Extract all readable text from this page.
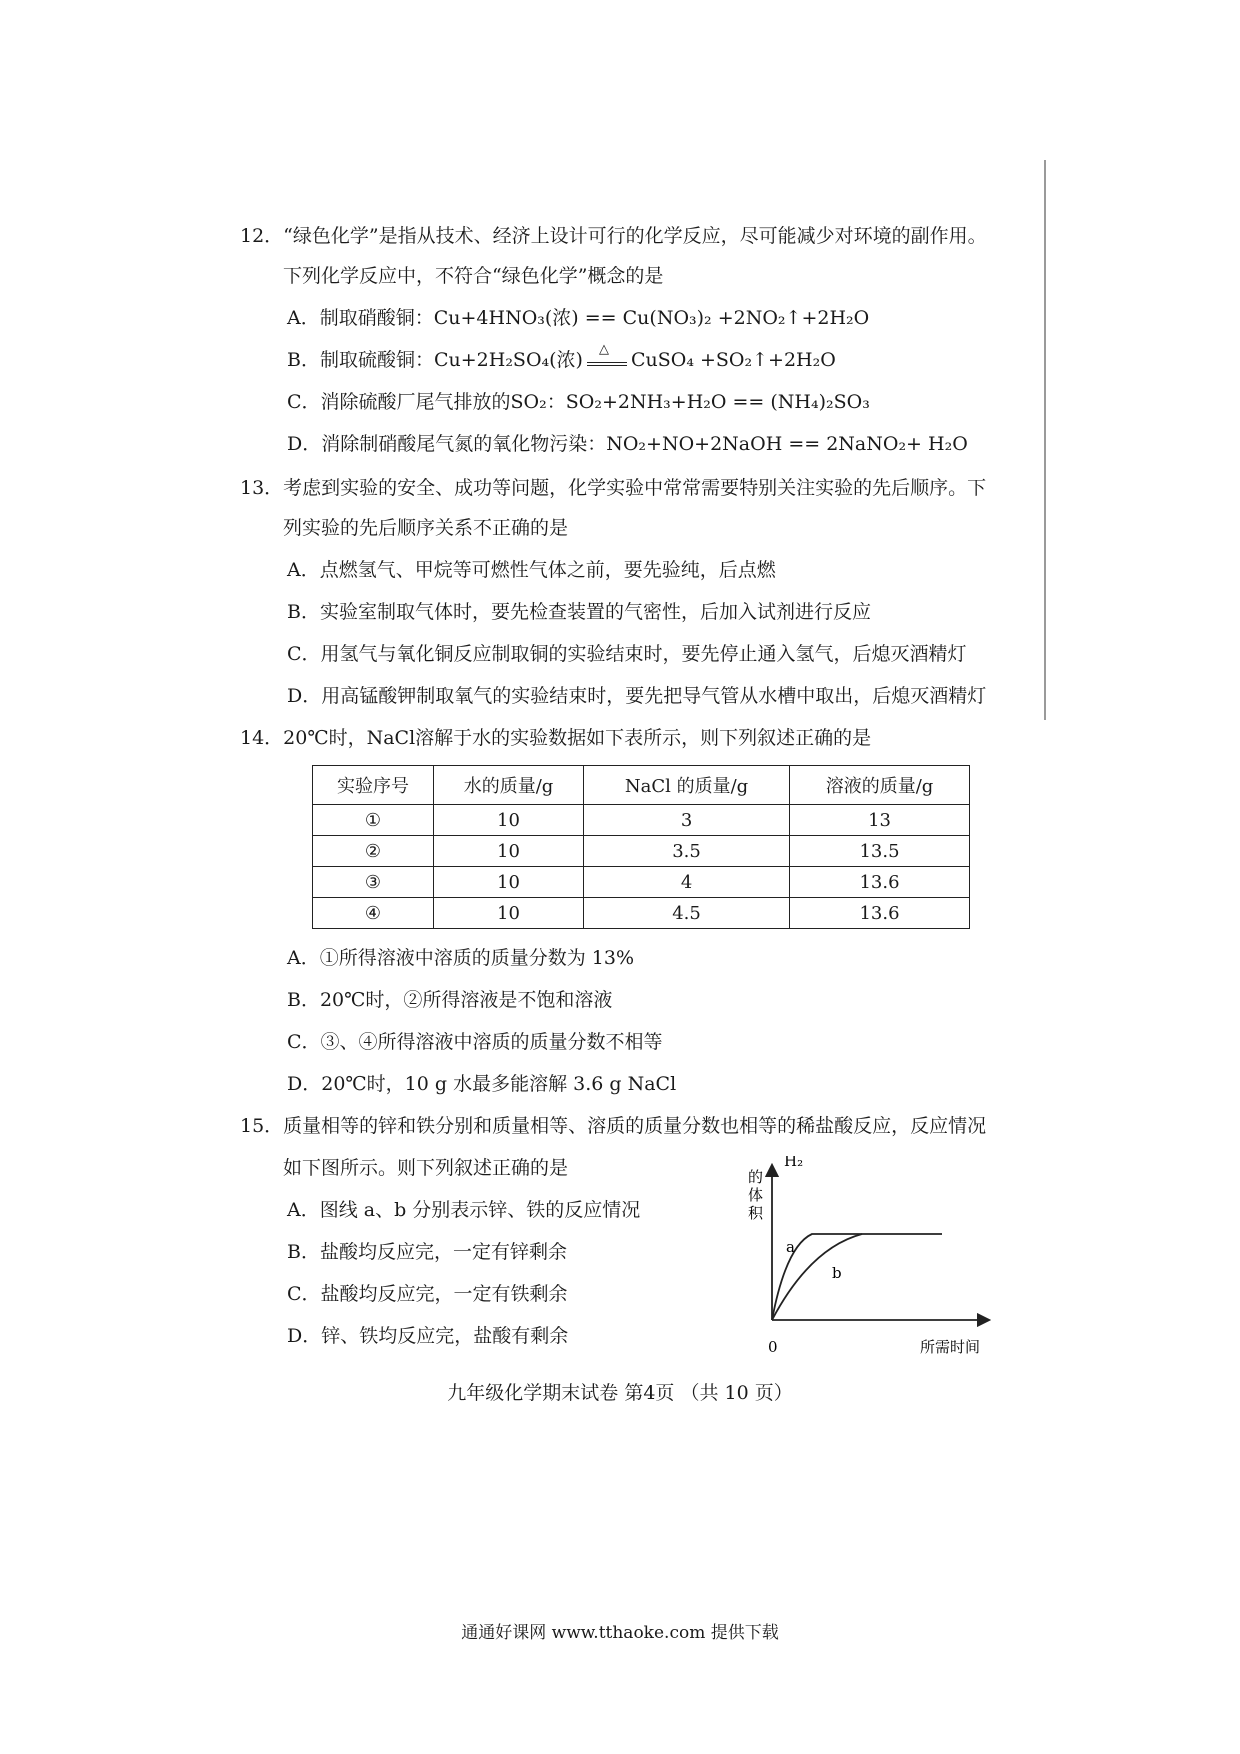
12．“绿色化学”是指从技术、经济上设计可行的化学反应，尽可能减少对环境的副作用。
下列化学反应中，不符合“绿色化学”概念的是
A．制取硝酸铜：Cu+4HNO₃(浓) == Cu(NO₃)₂ +2NO₂↑+2H₂O
B．制取硫酸铜：Cu+2H₂SO₄(浓) △ CuSO₄ +SO₂↑+2H₂O
C．消除硫酸厂尾气排放的SO₂：SO₂+2NH₃+H₂O == (NH₄)₂SO₃
D．消除制硝酸尾气氮的氧化物污染：NO₂+NO+2NaOH == 2NaNO₂+ H₂O
13．考虑到实验的安全、成功等问题，化学实验中常常需要特别关注实验的先后顺序。下
列实验的先后顺序关系不正确的是
A．点燃氢气、甲烷等可燃性气体之前，要先验纯，后点燃
B．实验室制取气体时，要先检查装置的气密性，后加入试剂进行反应
C．用氢气与氧化铜反应制取铜的实验结束时，要先停止通入氢气，后熄灭酒精灯
D．用高锰酸钾制取氧气的实验结束时，要先把导气管从水槽中取出，后熄灭酒精灯
14．20℃时，NaCl溶解于水的实验数据如下表所示，则下列叙述正确的是
实验序号	水的质量/g	NaCl 的质量/g	溶液的质量/g
①	10	3	13
②	10	3.5	13.5
③	10	4	13.6
④	10	4.5	13.6
A．①所得溶液中溶质的质量分数为 13%
B．20℃时，②所得溶液是不饱和溶液
C．③、④所得溶液中溶质的质量分数不相等
D．20℃时，10 g 水最多能溶解 3.6 g NaCl
15．质量相等的锌和铁分别和质量相等、溶质的质量分数也相等的稀盐酸反应，反应情况
如下图所示。则下列叙述正确的是
A．图线 a、b 分别表示锌、铁的反应情况
B．盐酸均反应完，一定有锌剩余
C．盐酸均反应完，一定有铁剩余
D．锌、铁均反应完，盐酸有剩余
H₂
的
体
积
a
b
0	所需时间
九年级化学期末试卷 第4页 （共 10 页）
通通好课网 www.tthaoke.com 提供下载
